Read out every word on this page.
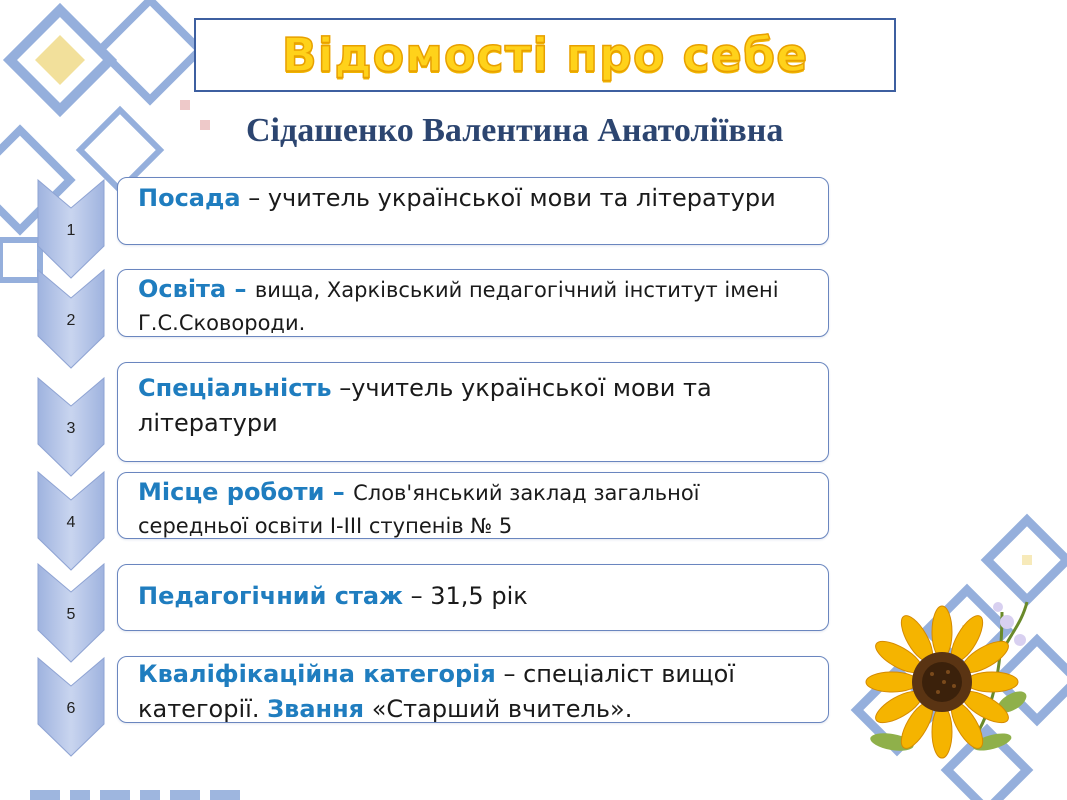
Відомості про себе
Сідашенко Валентина Анатоліївна
1
2
3
4
5
6
Посада – учитель української мови та літератури
Освіта – вища, Харківський педагогічний інститут імені Г.С.Сковороди.
Спеціальність –учитель української мови та літератури
Місце роботи – Слов'янський заклад загальної середньої освіти І-ІІІ ступенів № 5
Педагогічний стаж – 31,5 рік
Кваліфікаційна категорія – спеціаліст вищої категорії. Звання «Старший вчитель».
